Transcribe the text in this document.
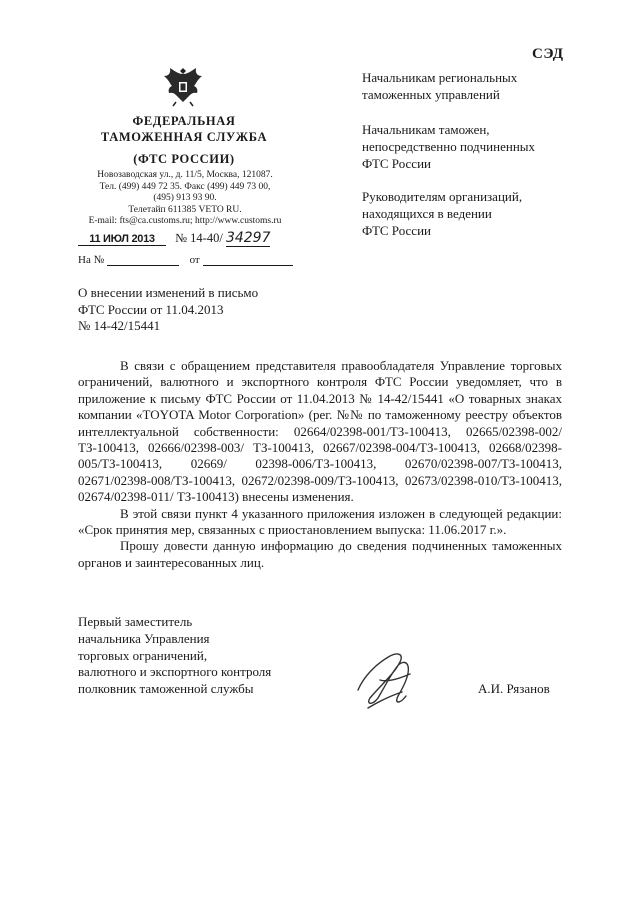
СЭД
ФЕДЕРАЛЬНАЯ
ТАМОЖЕННАЯ СЛУЖБА
(ФТС РОССИИ)
Новозаводская ул., д. 11/5, Москва, 121087.
Тел. (499) 449 72 35. Факс (499) 449 73 00,
(495) 913 93 90.
Телетайп 611385 VETO RU.
E-mail: fts@ca.customs.ru; http://www.customs.ru
11 ИЮЛ 2013 № 14-40/ 34297
На №	от
Начальникам региональных
таможенных управлений
Начальникам таможен,
непосредственно подчиненных
ФТС России
Руководителям организаций,
находящихся в ведении
ФТС России
О внесении изменений в письмо
ФТС России от 11.04.2013
№ 14-42/15441

В связи с обращением представителя правообладателя Управление торговых ограничений, валютного и экспортного контроля ФТС России уведомляет, что в приложение к письму ФТС России от 11.04.2013 № 14-42/15441 «О товарных знаках компании «TOYOTA Motor Corporation» (рег. №№ по таможенному реестру объектов интеллектуальной собственности: 02664/02398-001/ТЗ-100413, 02665/02398-002/ТЗ-100413, 02666/02398-003/ ТЗ-100413, 02667/02398-004/ТЗ-100413, 02668/02398-005/ТЗ-100413, 02669/ 02398-006/ТЗ-100413, 02670/02398-007/ТЗ-100413, 02671/02398-008/ТЗ-100413, 02672/02398-009/ТЗ-100413, 02673/02398-010/ТЗ-100413, 02674/02398-011/ ТЗ-100413) внесены изменения.

В этой связи пункт 4 указанного приложения изложен в следующей редакции: «Срок принятия мер, связанных с приостановлением выпуска: 11.06.2017 г.».

Прошу довести данную информацию до сведения подчиненных таможенных органов и заинтересованных лиц.

Первый заместитель
начальника Управления
торговых ограничений,
валютного и экспортного контроля
полковник таможенной службы	А.И. Рязанов
